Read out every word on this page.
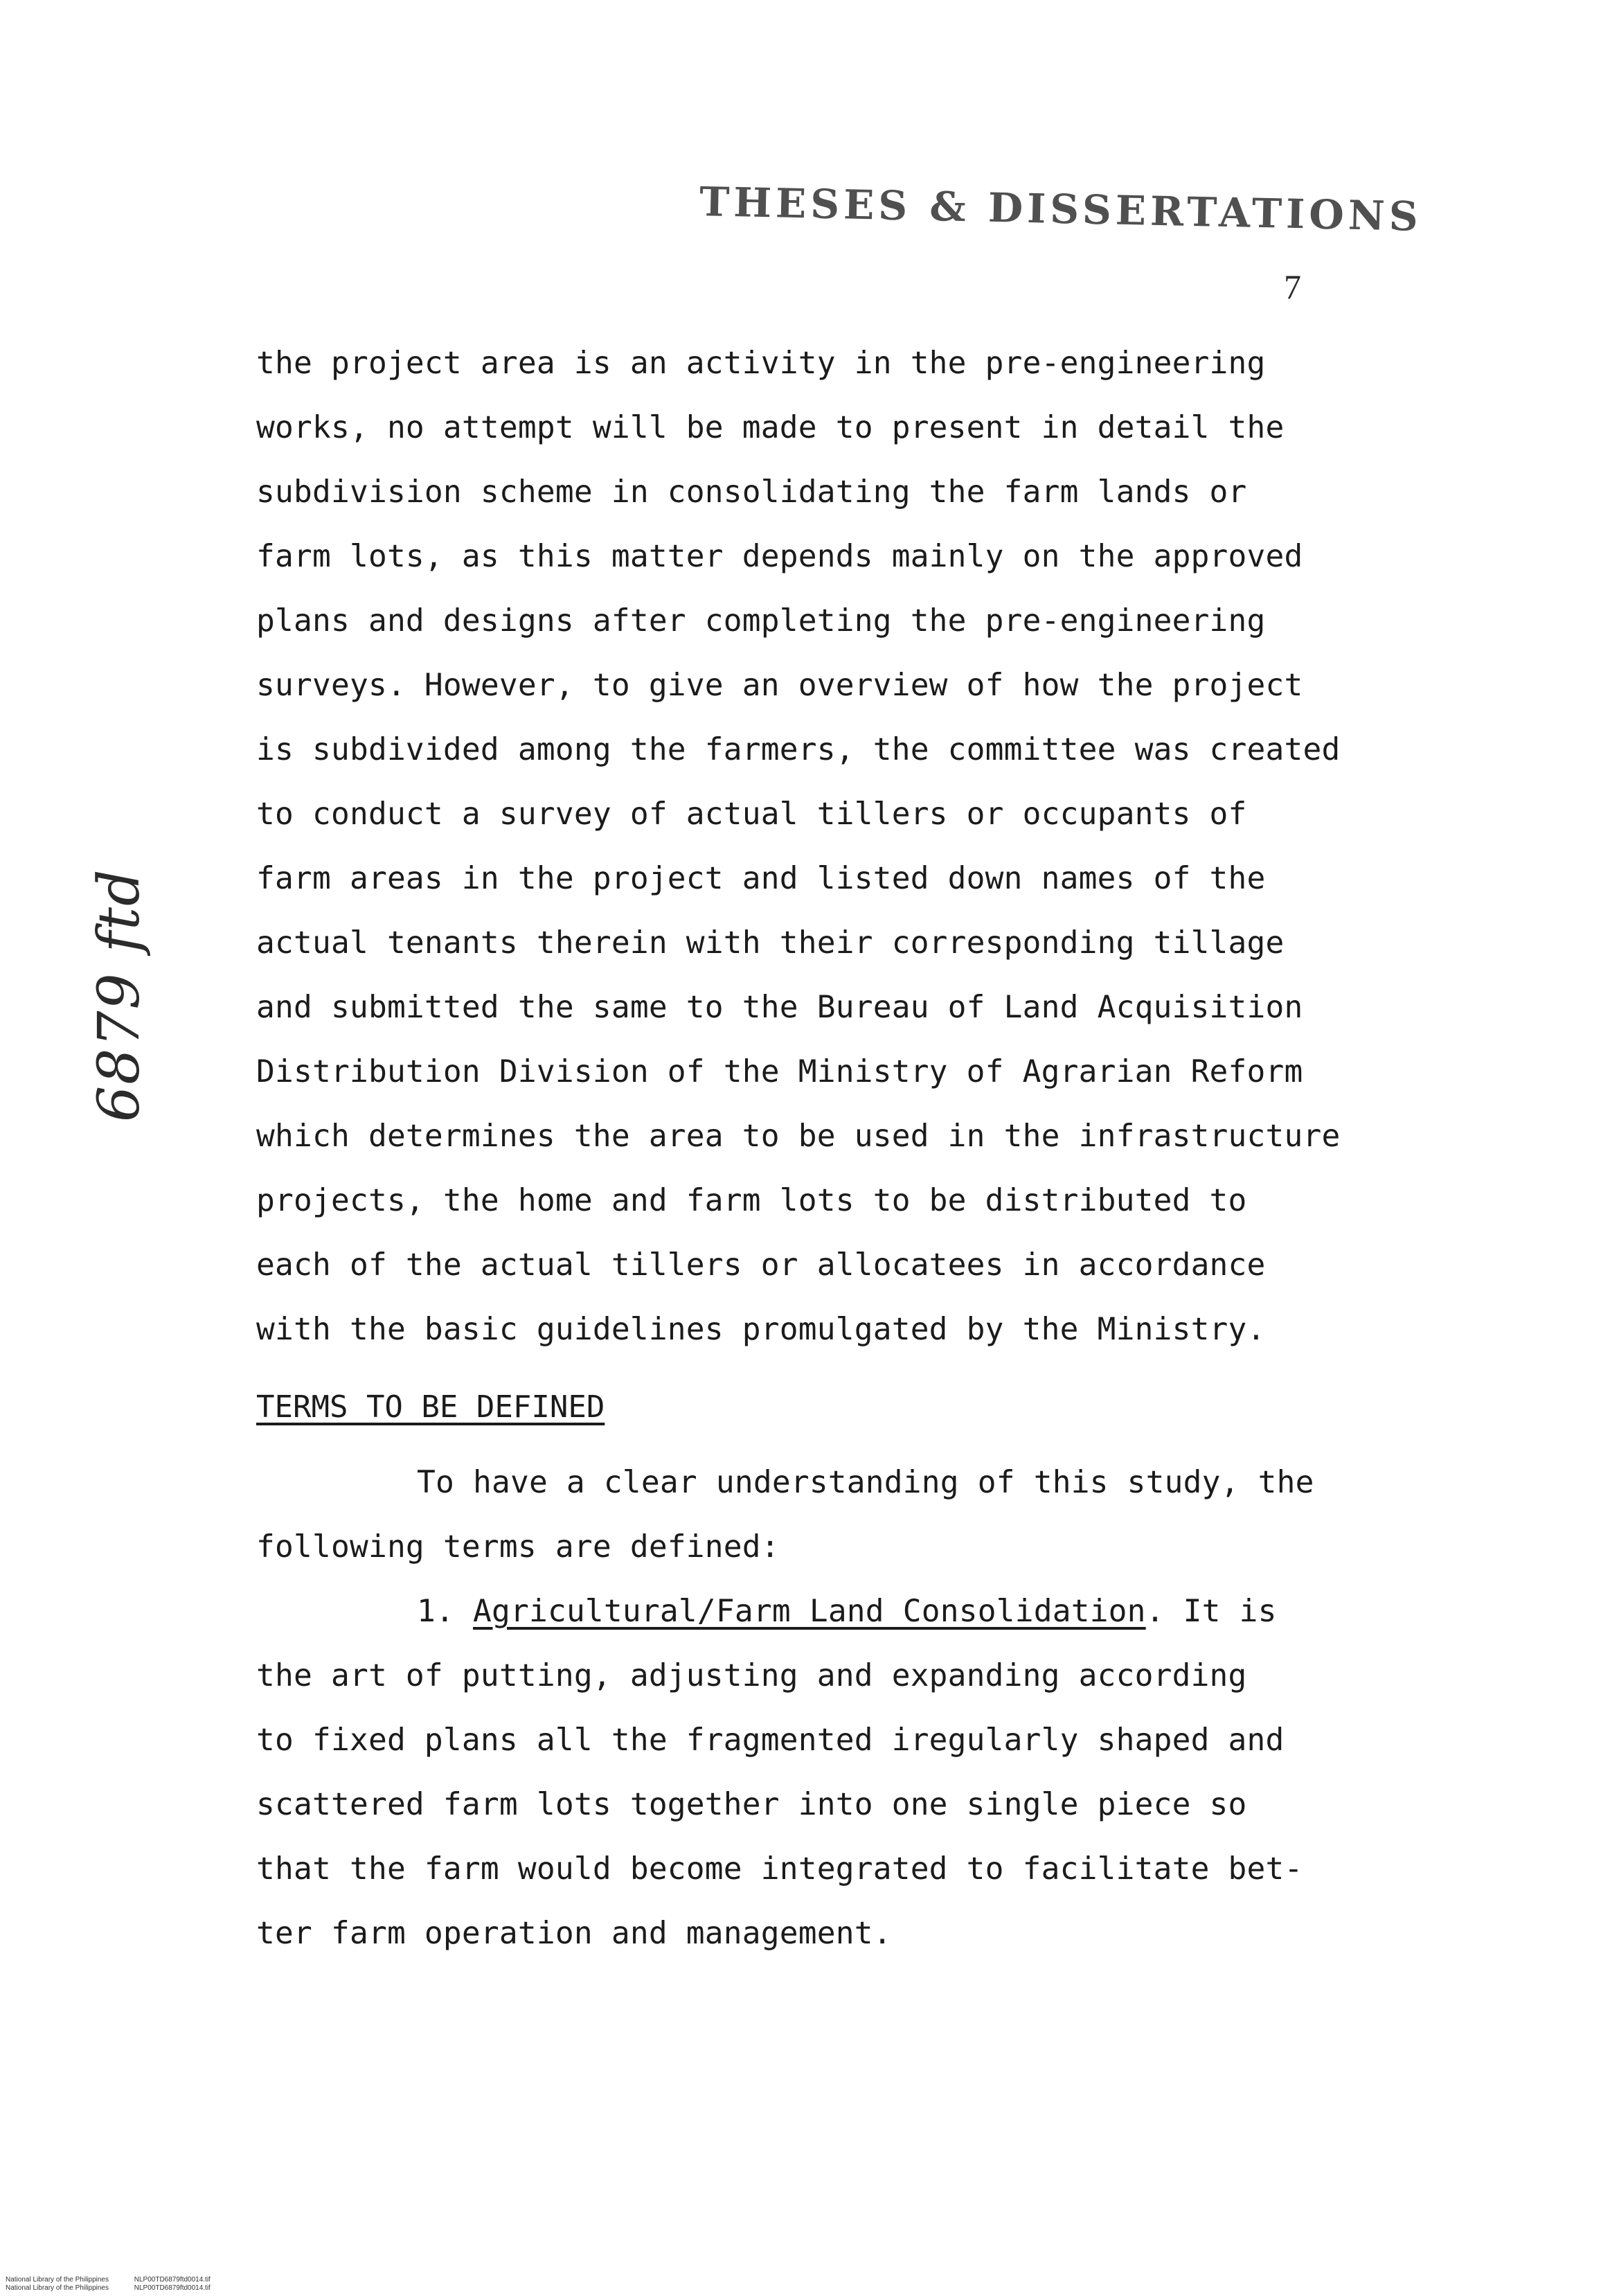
THESES & DISSERTATIONS
7
6879 ftd
the project area is an activity in the pre-engineering
works, no attempt will be made to present in detail the
subdivision scheme in consolidating the farm lands or
farm lots, as this matter depends mainly on the approved
plans and designs after completing the pre-engineering
surveys. However, to give an overview of how the project
is subdivided among the farmers, the committee was created
to conduct a survey of actual tillers or occupants of
farm areas in the project and listed down names of the
actual tenants therein with their corresponding tillage
and submitted the same to the Bureau of Land Acquisition
Distribution Division of the Ministry of Agrarian Reform
which determines the area to be used in the infrastructure
projects, the home and farm lots to be distributed to
each of the actual tillers or allocatees in accordance
with the basic guidelines promulgated by the Ministry.
TERMS TO BE DEFINED
To have a clear understanding of this study, the
following terms are defined:
1. Agricultural/Farm Land Consolidation. It is
the art of putting, adjusting and expanding according
to fixed plans all the fragmented iregularly shaped and
scattered farm lots together into one single piece so
that the farm would become integrated to facilitate bet-
ter farm operation and management.
National Library of the Philippines
National Library of the Philippines

NLP00TD6879ftd0014.tif
NLP00TD6879ftd0014.tif
